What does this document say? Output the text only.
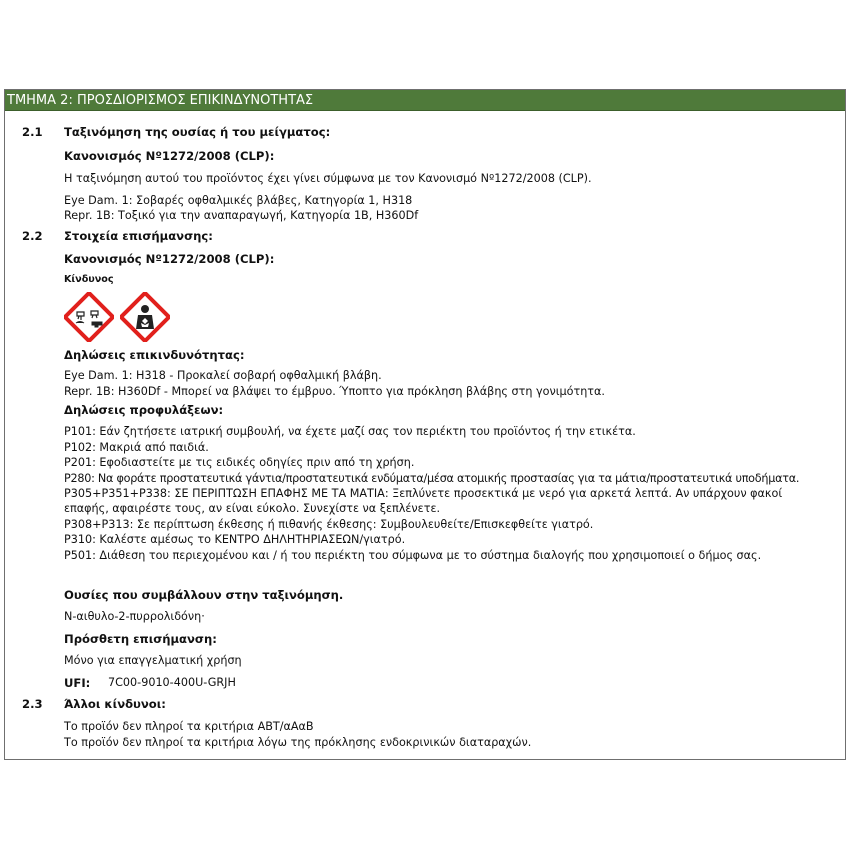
ΤΜΗΜΑ 2: ΠΡΟΣΔΙΟΡΙΣΜΟΣ ΕΠΙΚΙΝΔΥΝΟΤΗΤΑΣ
2.1 Ταξινόμηση της ουσίας ή του μείγματος:
Κανονισμός Nº1272/2008 (CLP):
Η ταξινόμηση αυτού του προϊόντος έχει γίνει σύμφωνα με τον Κανονισμό Nº1272/2008 (CLP).
Eye Dam. 1: Σοβαρές οφθαλμικές βλάβες, Κατηγορία 1, H318
Repr. 1B: Τοξικό για την αναπαραγωγή, Κατηγορία 1B, H360Df
2.2 Στοιχεία επισήμανσης:
Κανονισμός Nº1272/2008 (CLP):
Κίνδυνος
Δηλώσεις επικινδυνότητας:
Eye Dam. 1: H318 - Προκαλεί σοβαρή οφθαλμική βλάβη.
Repr. 1B: H360Df - Μπορεί να βλάψει το έμβρυο. Ύποπτο για πρόκληση βλάβης στη γονιμότητα.
Δηλώσεις προφυλάξεων:
P101: Εάν ζητήσετε ιατρική συμβουλή, να έχετε μαζί σας τον περιέκτη του προϊόντος ή την ετικέτα.
P102: Μακριά από παιδιά.
P201: Εφοδιαστείτε με τις ειδικές οδηγίες πριν από τη χρήση.
P280: Να φοράτε προστατευτικά γάντια/προστατευτικά ενδύματα/μέσα ατομικής προστασίας για τα μάτια/προστατευτικά υποδήματα.
P305+P351+P338: ΣΕ ΠΕΡΙΠΤΩΣΗ ΕΠΑΦΗΣ ΜΕ ΤΑ ΜΑΤΙΑ: Ξεπλύνετε προσεκτικά με νερό για αρκετά λεπτά. Αν υπάρχουν φακοί
επαφής, αφαιρέστε τους, αν είναι εύκολο. Συνεχίστε να ξεπλένετε.
P308+P313: Σε περίπτωση έκθεσης ή πιθανής έκθεσης: Συμβουλευθείτε/Επισκεφθείτε γιατρό.
P310: Καλέστε αμέσως το ΚΕΝΤΡΟ ΔΗΛΗΤΗΡΙΑΣΕΩΝ/γιατρό.
P501: Διάθεση του περιεχομένου και / ή του περιέκτη του σύμφωνα με το σύστημα διαλογής που χρησιμοποιεί ο δήμος σας.
Ουσίες που συμβάλλουν στην ταξινόμηση.
N-αιθυλο-2-πυρρολιδόνη·
Πρόσθετη επισήμανση:
Μόνο για επαγγελματική χρήση
UFI: 7C00-9010-400U-GRJH
2.3 Άλλοι κίνδυνοι:
Το προϊόν δεν πληροί τα κριτήρια ΑΒΤ/αΑαΒ
Το προϊόν δεν πληροί τα κριτήρια λόγω της πρόκλησης ενδοκρινικών διαταραχών.
